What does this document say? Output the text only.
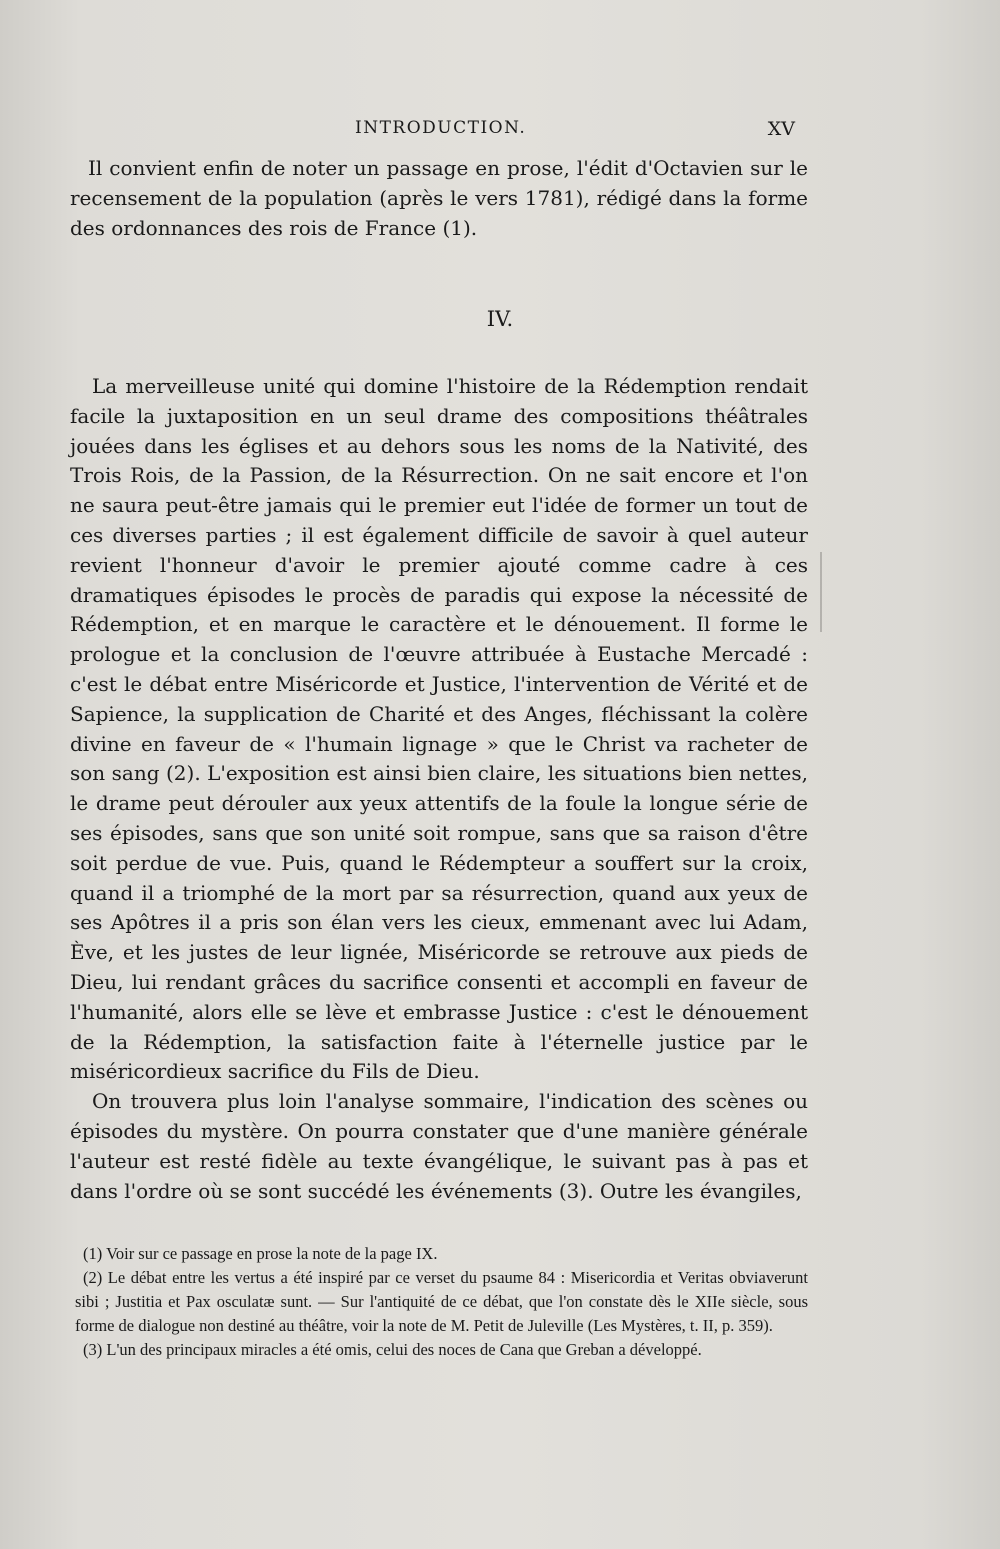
INTRODUCTION.	XV

Il convient enfin de noter un passage en prose, l'édit d'Octavien sur le recensement de la population (après le vers 1781), rédigé dans la forme des ordonnances des rois de France (1).

IV.

La merveilleuse unité qui domine l'histoire de la Rédemption rendait facile la juxtaposition en un seul drame des compositions théâtrales jouées dans les églises et au dehors sous les noms de la Nativité, des Trois Rois, de la Passion, de la Résurrection. On ne sait encore et l'on ne saura peut-être jamais qui le premier eut l'idée de former un tout de ces diverses parties ; il est également difficile de savoir à quel auteur revient l'honneur d'avoir le premier ajouté comme cadre à ces dramatiques épisodes le procès de paradis qui expose la nécessité de Rédemption, et en marque le caractère et le dénouement. Il forme le prologue et la conclusion de l'œuvre attribuée à Eustache Mercadé : c'est le débat entre Miséricorde et Justice, l'intervention de Vérité et de Sapience, la supplication de Charité et des Anges, fléchissant la colère divine en faveur de « l'humain lignage » que le Christ va racheter de son sang (2). L'exposition est ainsi bien claire, les situations bien nettes, le drame peut dérouler aux yeux attentifs de la foule la longue série de ses épisodes, sans que son unité soit rompue, sans que sa raison d'être soit perdue de vue. Puis, quand le Rédempteur a souffert sur la croix, quand il a triomphé de la mort par sa résurrection, quand aux yeux de ses Apôtres il a pris son élan vers les cieux, emmenant avec lui Adam, Ève, et les justes de leur lignée, Miséricorde se retrouve aux pieds de Dieu, lui rendant grâces du sacrifice consenti et accompli en faveur de l'humanité, alors elle se lève et embrasse Justice : c'est le dénouement de la Rédemption, la satisfaction faite à l'éternelle justice par le miséricordieux sacrifice du Fils de Dieu.

On trouvera plus loin l'analyse sommaire, l'indication des scènes ou épisodes du mystère. On pourra constater que d'une manière générale l'auteur est resté fidèle au texte évangélique, le suivant pas à pas et dans l'ordre où se sont succédé les événements (3). Outre les évangiles,

(1) Voir sur ce passage en prose la note de la page IX.

(2) Le débat entre les vertus a été inspiré par ce verset du psaume 84 : Misericordia et Veritas obviaverunt sibi ; Justitia et Pax osculatæ sunt. — Sur l'antiquité de ce débat, que l'on constate dès le XIIe siècle, sous forme de dialogue non destiné au théâtre, voir la note de M. Petit de Juleville (Les Mystères, t. II, p. 359).

(3) L'un des principaux miracles a été omis, celui des noces de Cana que Greban a développé.
